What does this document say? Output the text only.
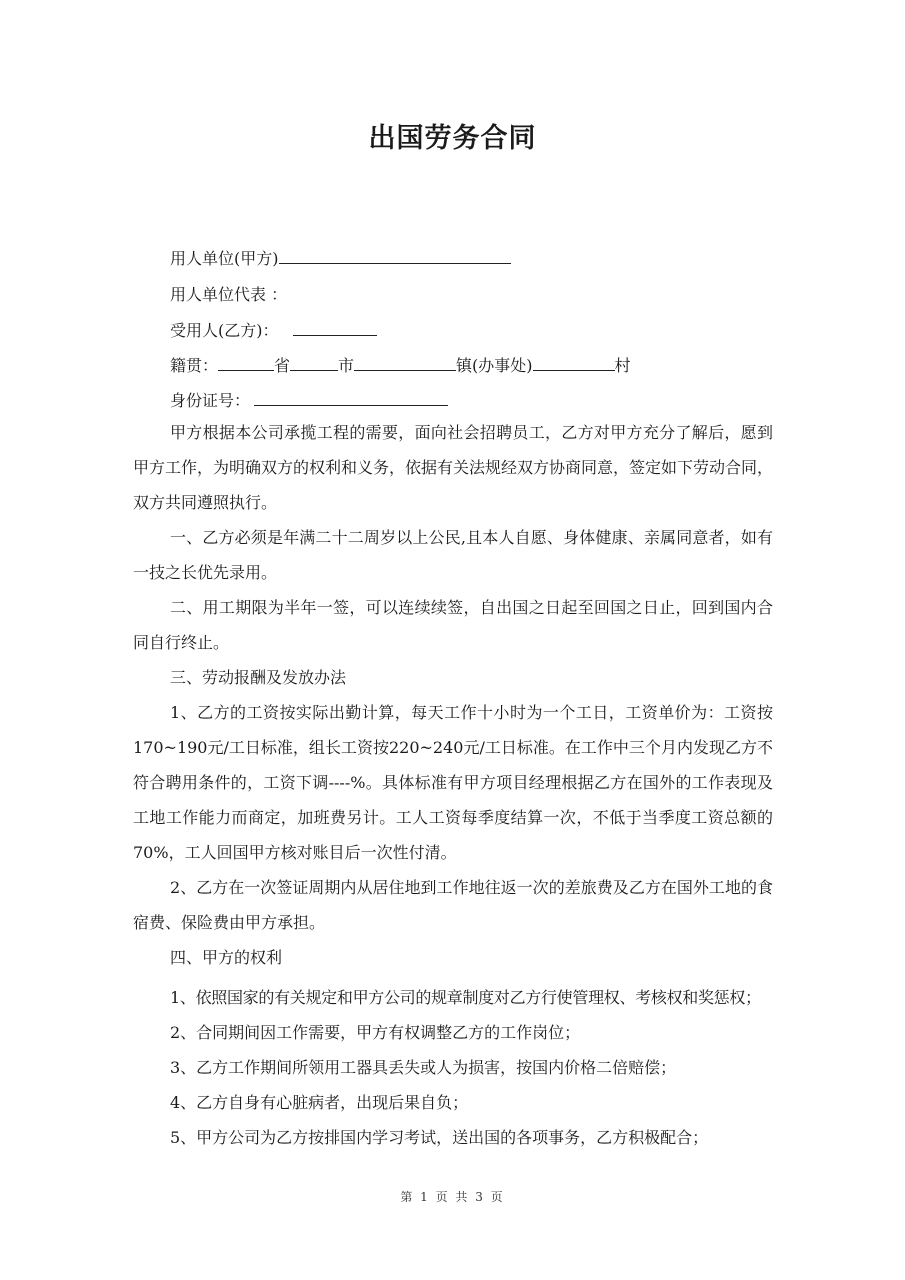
出国劳务合同
用人单位(甲方)
用人单位代表 ：
受用人(乙方)：
籍贯：	省	市	镇(办事处)	村
身份证号：

甲方根据本公司承揽工程的需要，面向社会招聘员工，乙方对甲方充分了解后，愿到甲方工作，为明确双方的权利和义务，依据有关法规经双方协商同意，签定如下劳动合同，双方共同遵照执行。

一、乙方必须是年满二十二周岁以上公民,且本人自愿、身体健康、亲属同意者，如有一技之长优先录用。

二、用工期限为半年一签，可以连续续签，自出国之日起至回国之日止，回到国内合同自行终止。

三、劳动报酬及发放办法

1、乙方的工资按实际出勤计算，每天工作十小时为一个工日，工资单价为：工资按170~190元/工日标准，组长工资按220~240元/工日标准。在工作中三个月内发现乙方不符合聘用条件的，工资下调----%。具体标准有甲方项目经理根据乙方在国外的工作表现及工地工作能力而商定，加班费另计。工人工资每季度结算一次，不低于当季度工资总额的70%，工人回国甲方核对账目后一次性付清。

2、乙方在一次签证周期内从居住地到工作地往返一次的差旅费及乙方在国外工地的食宿费、保险费由甲方承担。

四、甲方的权利

1、依照国家的有关规定和甲方公司的规章制度对乙方行使管理权、考核权和奖惩权；

2、合同期间因工作需要，甲方有权调整乙方的工作岗位；

3、乙方工作期间所领用工器具丢失或人为损害，按国内价格二倍赔偿；

4、乙方自身有心脏病者，出现后果自负；

5、甲方公司为乙方按排国内学习考试，送出国的各项事务，乙方积极配合；

第 1 页 共 3 页
